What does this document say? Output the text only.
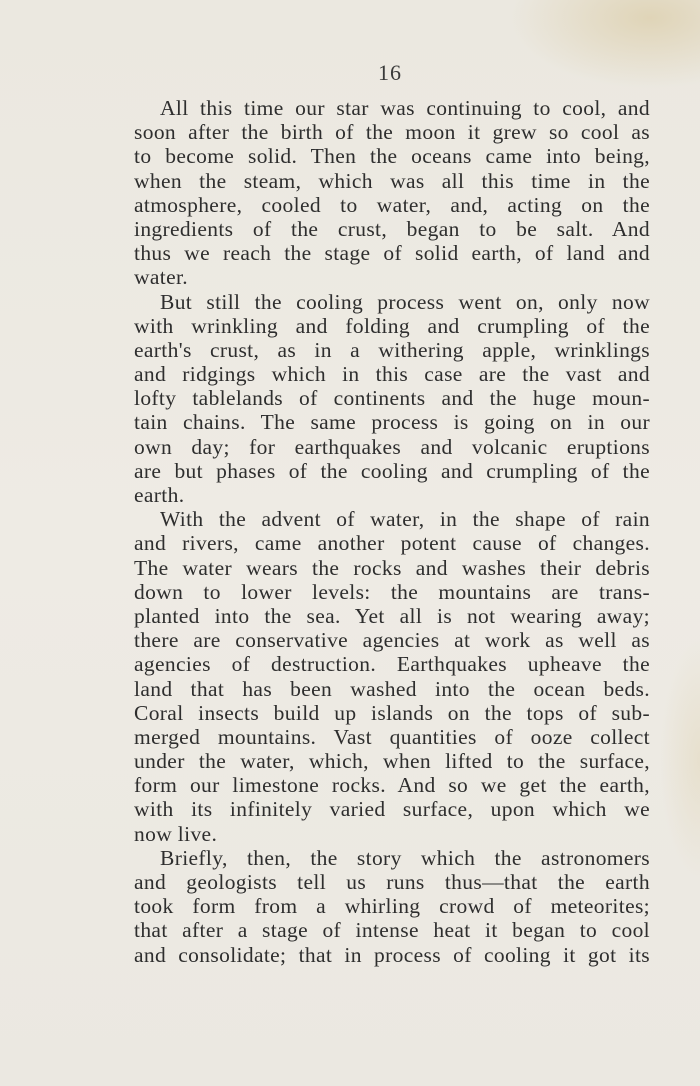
16
All this time our star was continuing to cool, and
soon after the birth of the moon it grew so cool as
to become solid. Then the oceans came into being,
when the steam, which was all this time in the
atmosphere, cooled to water, and, acting on the
ingredients of the crust, began to be salt. And
thus we reach the stage of solid earth, of land and
water.
But still the cooling process went on, only now
with wrinkling and folding and crumpling of the
earth's crust, as in a withering apple, wrinklings
and ridgings which in this case are the vast and
lofty tablelands of continents and the huge moun-
tain chains. The same process is going on in our
own day; for earthquakes and volcanic eruptions
are but phases of the cooling and crumpling of the
earth.
With the advent of water, in the shape of rain
and rivers, came another potent cause of changes.
The water wears the rocks and washes their debris
down to lower levels: the mountains are trans-
planted into the sea. Yet all is not wearing away;
there are conservative agencies at work as well as
agencies of destruction. Earthquakes upheave the
land that has been washed into the ocean beds.
Coral insects build up islands on the tops of sub-
merged mountains. Vast quantities of ooze collect
under the water, which, when lifted to the surface,
form our limestone rocks. And so we get the earth,
with its infinitely varied surface, upon which we
now live.
Briefly, then, the story which the astronomers
and geologists tell us runs thus—that the earth
took form from a whirling crowd of meteorites;
that after a stage of intense heat it began to cool
and consolidate; that in process of cooling it got its
